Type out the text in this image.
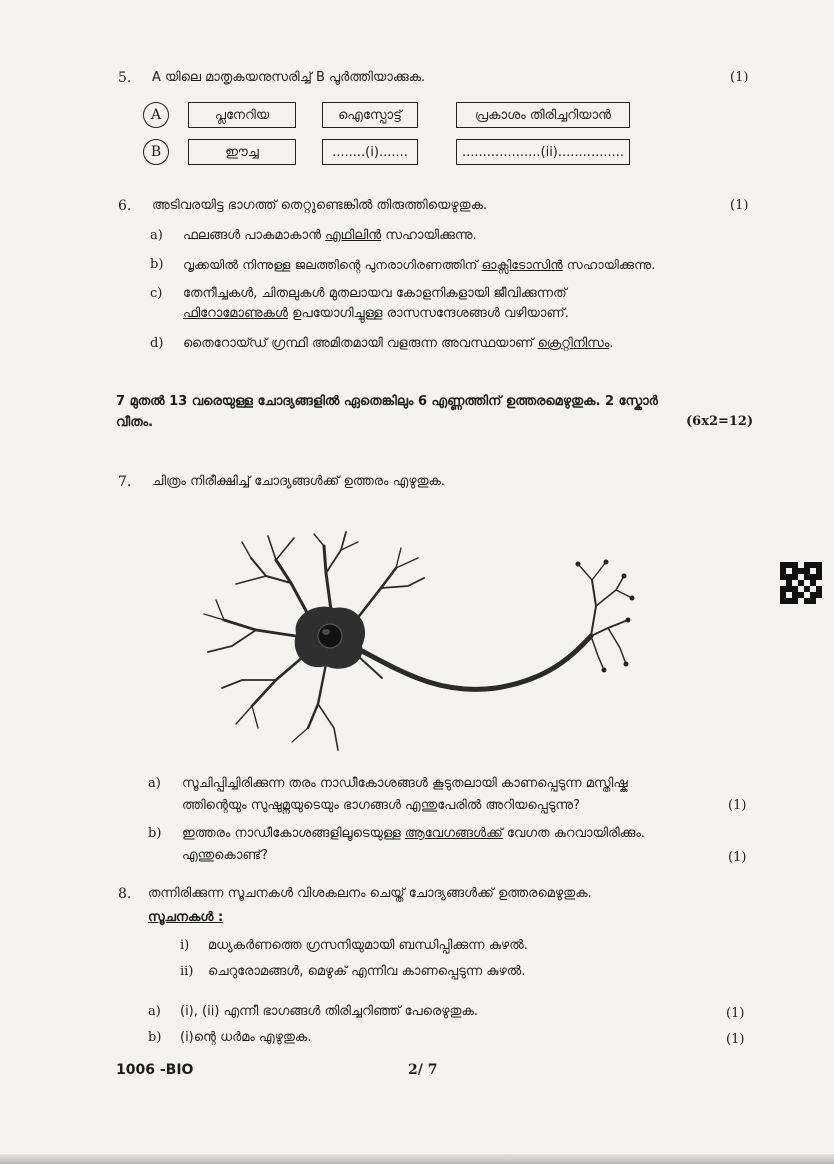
5. A യിലെ മാതൃകയനുസരിച്ച് B പൂർത്തിയാക്കുക.	(1)
A	പ്ലനേറിയ	ഐസ്പോട്ട്	പ്രകാശം തിരിച്ചറിയാൻ
B	ഈച്ച	........(i).......	...................(ii)................
6. അടിവരയിട്ട ഭാഗത്ത് തെറ്റുണ്ടെങ്കിൽ തിരുത്തിയെഴുതുക.	(1)
a) ഫലങ്ങൾ പാകമാകാൻ എഥിലിൻ സഹായിക്കുന്നു.
b) വൃക്കയിൽ നിന്നുള്ള ജലത്തിന്റെ പുനരാഗിരണത്തിന് ഓക്സിടോസിൻ സഹായിക്കുന്നു.
c) തേനീച്ചകൾ, ചിതലുകൾ മുതലായവ കോളനികളായി ജീവിക്കുന്നത്
ഫിറോമോണുകൾ ഉപയോഗിച്ചുള്ള രാസസന്ദേശങ്ങൾ വഴിയാണ്.
d) തൈറോയ്ഡ് ഗ്രന്ഥി അമിതമായി വളരുന്ന അവസ്ഥയാണ് ക്രെറ്റിനിസം.
7 മുതൽ 13 വരെയുള്ള ചോദ്യങ്ങളിൽ ഏതെങ്കിലും 6 എണ്ണത്തിന് ഉത്തരമെഴുതുക. 2 സ്കോർ
വീതം.	(6x2=12)
7. ചിത്രം നിരീക്ഷിച്ച് ചോദ്യങ്ങൾക്ക് ഉത്തരം എഴുതുക.
a) സൂചിപ്പിച്ചിരിക്കുന്ന തരം നാഡീകോശങ്ങൾ കൂടുതലായി കാണപ്പെടുന്ന മസ്തിഷ്ക
ത്തിന്റെയും സുഷുമ്നയുടെയും ഭാഗങ്ങൾ എന്തുപേരിൽ അറിയപ്പെടുന്നു?	(1)
b) ഇത്തരം നാഡീകോശങ്ങളിലൂടെയുള്ള ആവേഗങ്ങൾക്ക് വേഗത കുറവായിരിക്കും.
എന്തുകൊണ്ട്?	(1)
8. തന്നിരിക്കുന്ന സൂചനകൾ വിശകലനം ചെയ്ത് ചോദ്യങ്ങൾക്ക് ഉത്തരമെഴുതുക.
സൂചനകൾ :
i) മധ്യകർണത്തെ ഗ്രസനിയുമായി ബന്ധിപ്പിക്കുന്ന കുഴൽ.
ii) ചെറുരോമങ്ങൾ, മെഴുക് എന്നിവ കാണപ്പെടുന്ന കുഴൽ.
a) (i), (ii) എന്നീ ഭാഗങ്ങൾ തിരിച്ചറിഞ്ഞ് പേരെഴുതുക.	(1)
b) (i)ന്റെ ധർമം എഴുതുക.	(1)
1006 -BIO	2/ 7
